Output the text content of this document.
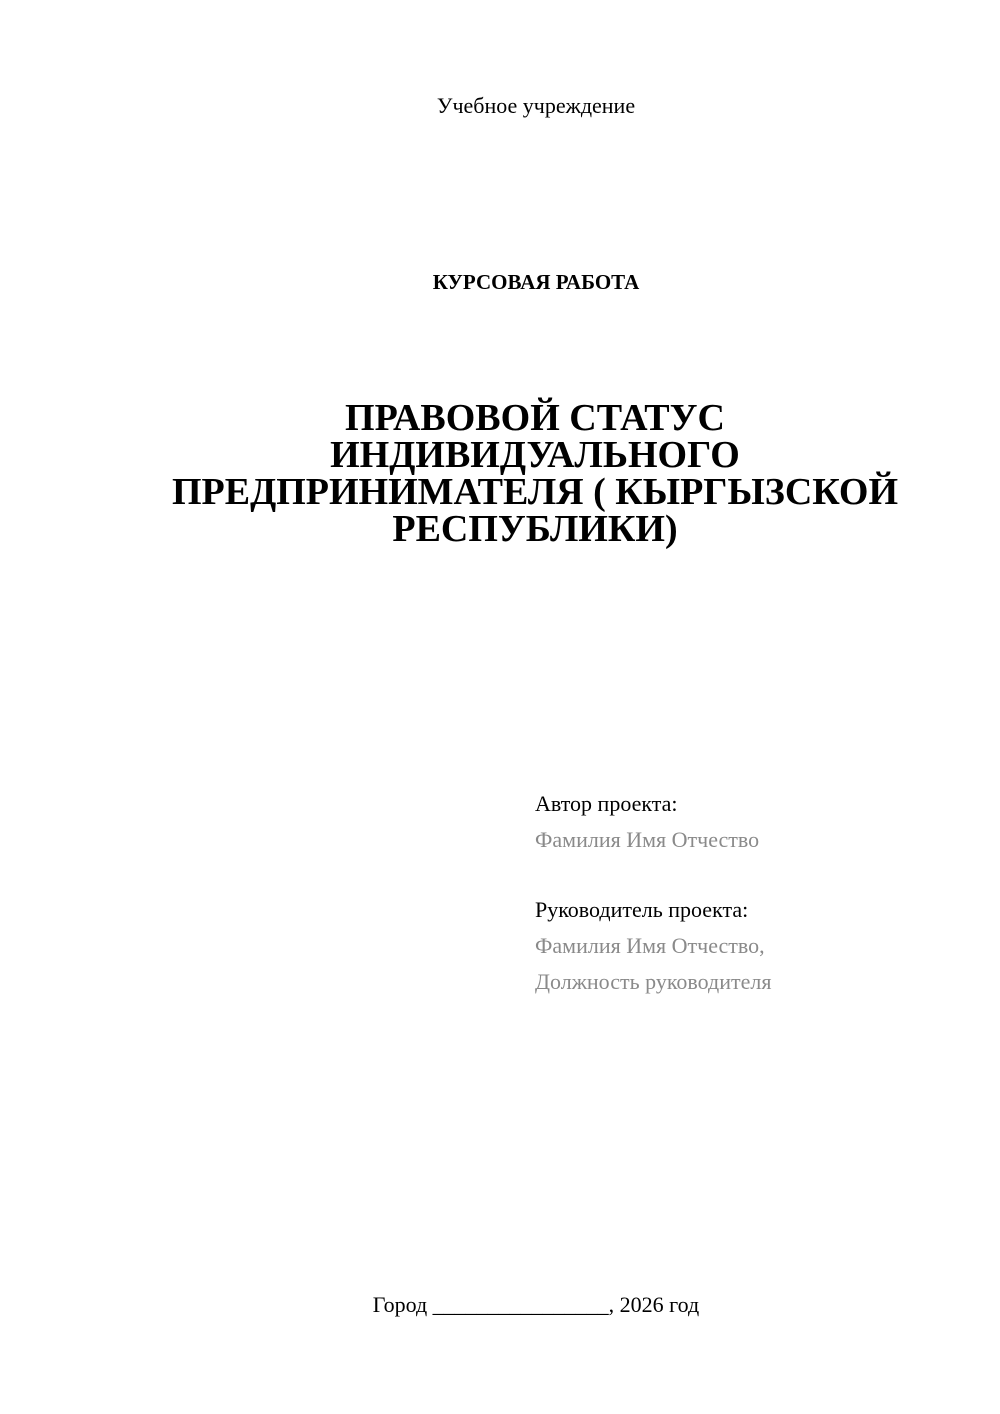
Учебное учреждение
КУРСОВАЯ РАБОТА
ПРАВОВОЙ СТАТУС
ИНДИВИДУАЛЬНОГО
ПРЕДПРИНИМАТЕЛЯ ( КЫРГЫЗСКОЙ
РЕСПУБЛИКИ)
Автор проекта:
Фамилия Имя Отчество
Руководитель проекта:
Фамилия Имя Отчество,
Должность руководителя
Город ________________, 2026 год
